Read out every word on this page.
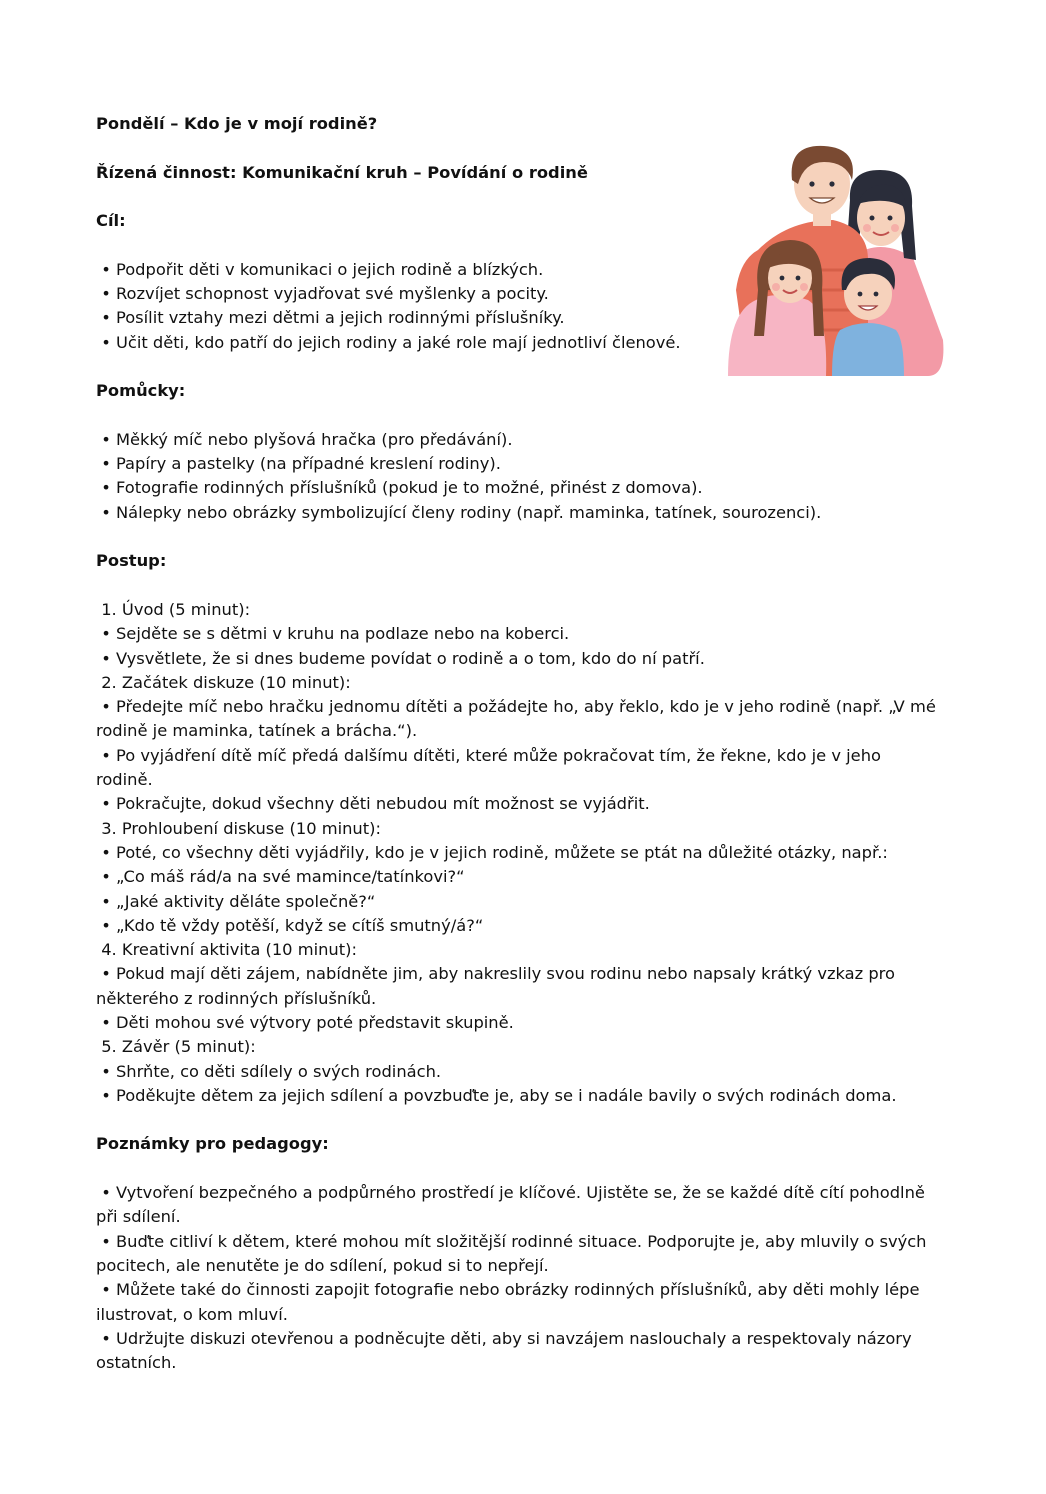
Pondělí – Kdo je v mojí rodině?

Řízená činnost: Komunikační kruh – Povídání o rodině

Cíl:

• Podpořit děti v komunikaci o jejich rodině a blízkých.

• Rozvíjet schopnost vyjadřovat své myšlenky a pocity.

• Posílit vztahy mezi dětmi a jejich rodinnými příslušníky.

• Učit děti, kdo patří do jejich rodiny a jaké role mají jednotliví členové.

Pomůcky:

• Měkký míč nebo plyšová hračka (pro předávání).

• Papíry a pastelky (na případné kreslení rodiny).

• Fotografie rodinných příslušníků (pokud je to možné, přinést z domova).

• Nálepky nebo obrázky symbolizující členy rodiny (např. maminka, tatínek, sourozenci).

Postup:

1. Úvod (5 minut):

• Sejděte se s dětmi v kruhu na podlaze nebo na koberci.

• Vysvětlete, že si dnes budeme povídat o rodině a o tom, kdo do ní patří.

2. Začátek diskuze (10 minut):

• Předejte míč nebo hračku jednomu dítěti a požádejte ho, aby řeklo, kdo je v jeho rodině (např. „V mé rodině je maminka, tatínek a brácha.“).

• Po vyjádření dítě míč předá dalšímu dítěti, které může pokračovat tím, že řekne, kdo je v jeho rodině.

• Pokračujte, dokud všechny děti nebudou mít možnost se vyjádřit.

3. Prohloubení diskuse (10 minut):

• Poté, co všechny děti vyjádřily, kdo je v jejich rodině, můžete se ptát na důležité otázky, např.:

• „Co máš rád/a na své mamince/tatínkovi?“

• „Jaké aktivity děláte společně?“

• „Kdo tě vždy potěší, když se cítíš smutný/á?“

4. Kreativní aktivita (10 minut):

• Pokud mají děti zájem, nabídněte jim, aby nakreslily svou rodinu nebo napsaly krátký vzkaz pro některého z rodinných příslušníků.

• Děti mohou své výtvory poté představit skupině.

5. Závěr (5 minut):

• Shrňte, co děti sdílely o svých rodinách.

• Poděkujte dětem za jejich sdílení a povzbuďte je, aby se i nadále bavily o svých rodinách doma.

Poznámky pro pedagogy:

• Vytvoření bezpečného a podpůrného prostředí je klíčové. Ujistěte se, že se každé dítě cítí pohodlně při sdílení.

• Buďte citliví k dětem, které mohou mít složitější rodinné situace. Podporujte je, aby mluvily o svých pocitech, ale nenutěte je do sdílení, pokud si to nepřejí.

• Můžete také do činnosti zapojit fotografie nebo obrázky rodinných příslušníků, aby děti mohly lépe ilustrovat, o kom mluví.

• Udržujte diskuzi otevřenou a podněcujte děti, aby si navzájem naslouchaly a respektovaly názory ostatních.
